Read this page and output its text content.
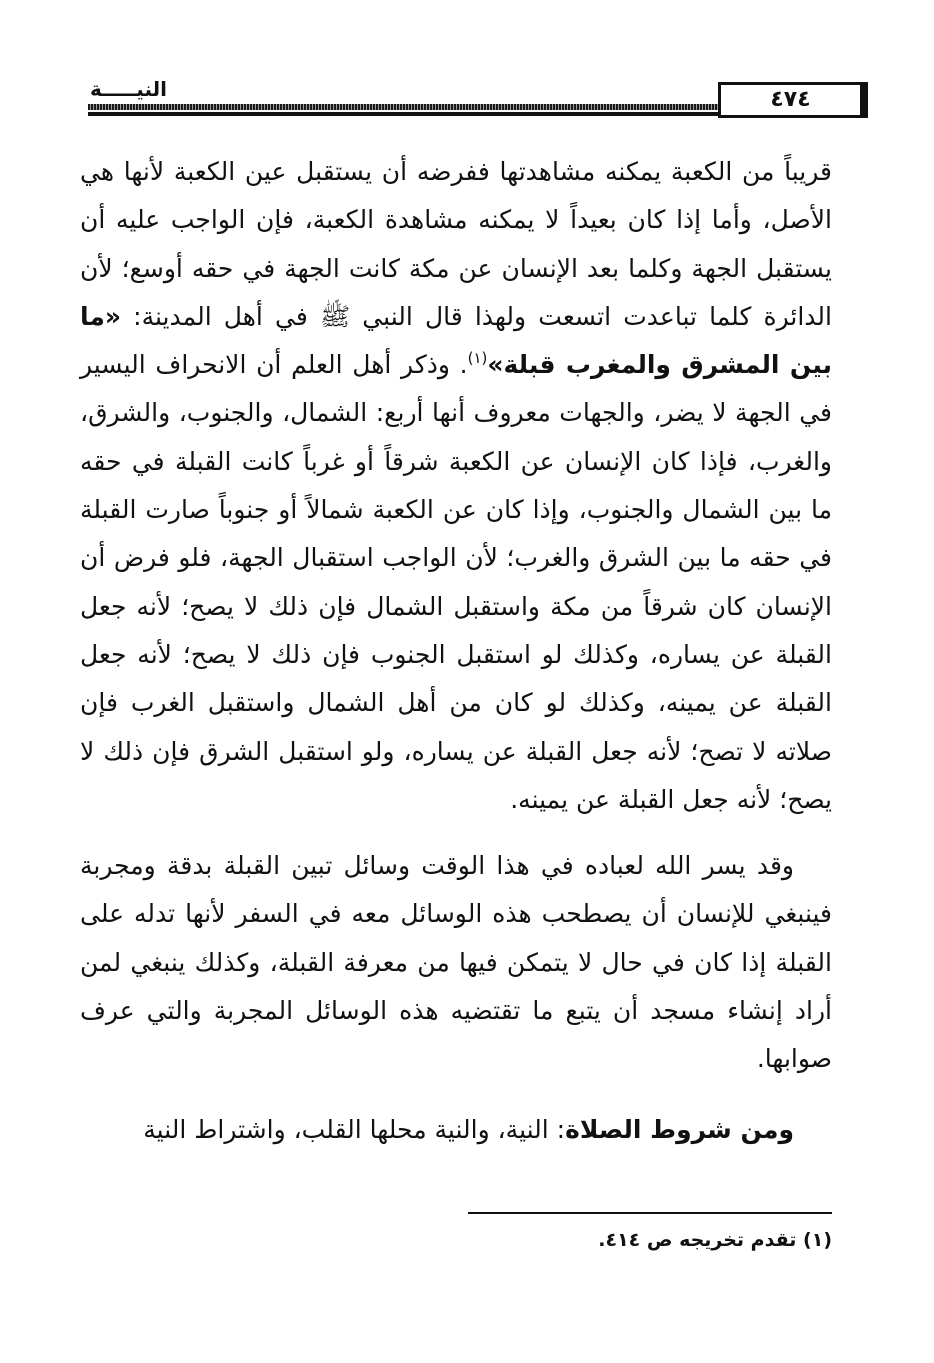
النيـــــة	٤٧٤

قريباً من الكعبة يمكنه مشاهدتها ففرضه أن يستقبل عين الكعبة لأنها هي الأصل، وأما إذا كان بعيداً لا يمكنه مشاهدة الكعبة، فإن الواجب عليه أن يستقبل الجهة وكلما بعد الإنسان عن مكة كانت الجهة في حقه أوسع؛ لأن الدائرة كلما تباعدت اتسعت ولهذا قال النبي ﷺ في أهل المدينة: «ما بين المشرق والمغرب قبلة»$^{(١)}$. وذكر أهل العلم أن الانحراف اليسير في الجهة لا يضر، والجهات معروف أنها أربع: الشمال، والجنوب، والشرق، والغرب، فإذا كان الإنسان عن الكعبة شرقاً أو غرباً كانت القبلة في حقه ما بين الشمال والجنوب، وإذا كان عن الكعبة شمالاً أو جنوباً صارت القبلة في حقه ما بين الشرق والغرب؛ لأن الواجب استقبال الجهة، فلو فرض أن الإنسان كان شرقاً من مكة واستقبل الشمال فإن ذلك لا يصح؛ لأنه جعل القبلة عن يساره، وكذلك لو استقبل الجنوب فإن ذلك لا يصح؛ لأنه جعل القبلة عن يمينه، وكذلك لو كان من أهل الشمال واستقبل الغرب فإن صلاته لا تصح؛ لأنه جعل القبلة عن يساره، ولو استقبل الشرق فإن ذلك لا يصح؛ لأنه جعل القبلة عن يمينه.

وقد يسر الله لعباده في هذا الوقت وسائل تبين القبلة بدقة ومجربة فينبغي للإنسان أن يصطحب هذه الوسائل معه في السفر لأنها تدله على القبلة إذا كان في حال لا يتمكن فيها من معرفة القبلة، وكذلك ينبغي لمن أراد إنشاء مسجد أن يتبع ما تقتضيه هذه الوسائل المجربة والتي عرف صوابها.

ومن شروط الصلاة: النية، والنية محلها القلب، واشتراط النية

(١) تقدم تخريجه ص ٤١٤.
